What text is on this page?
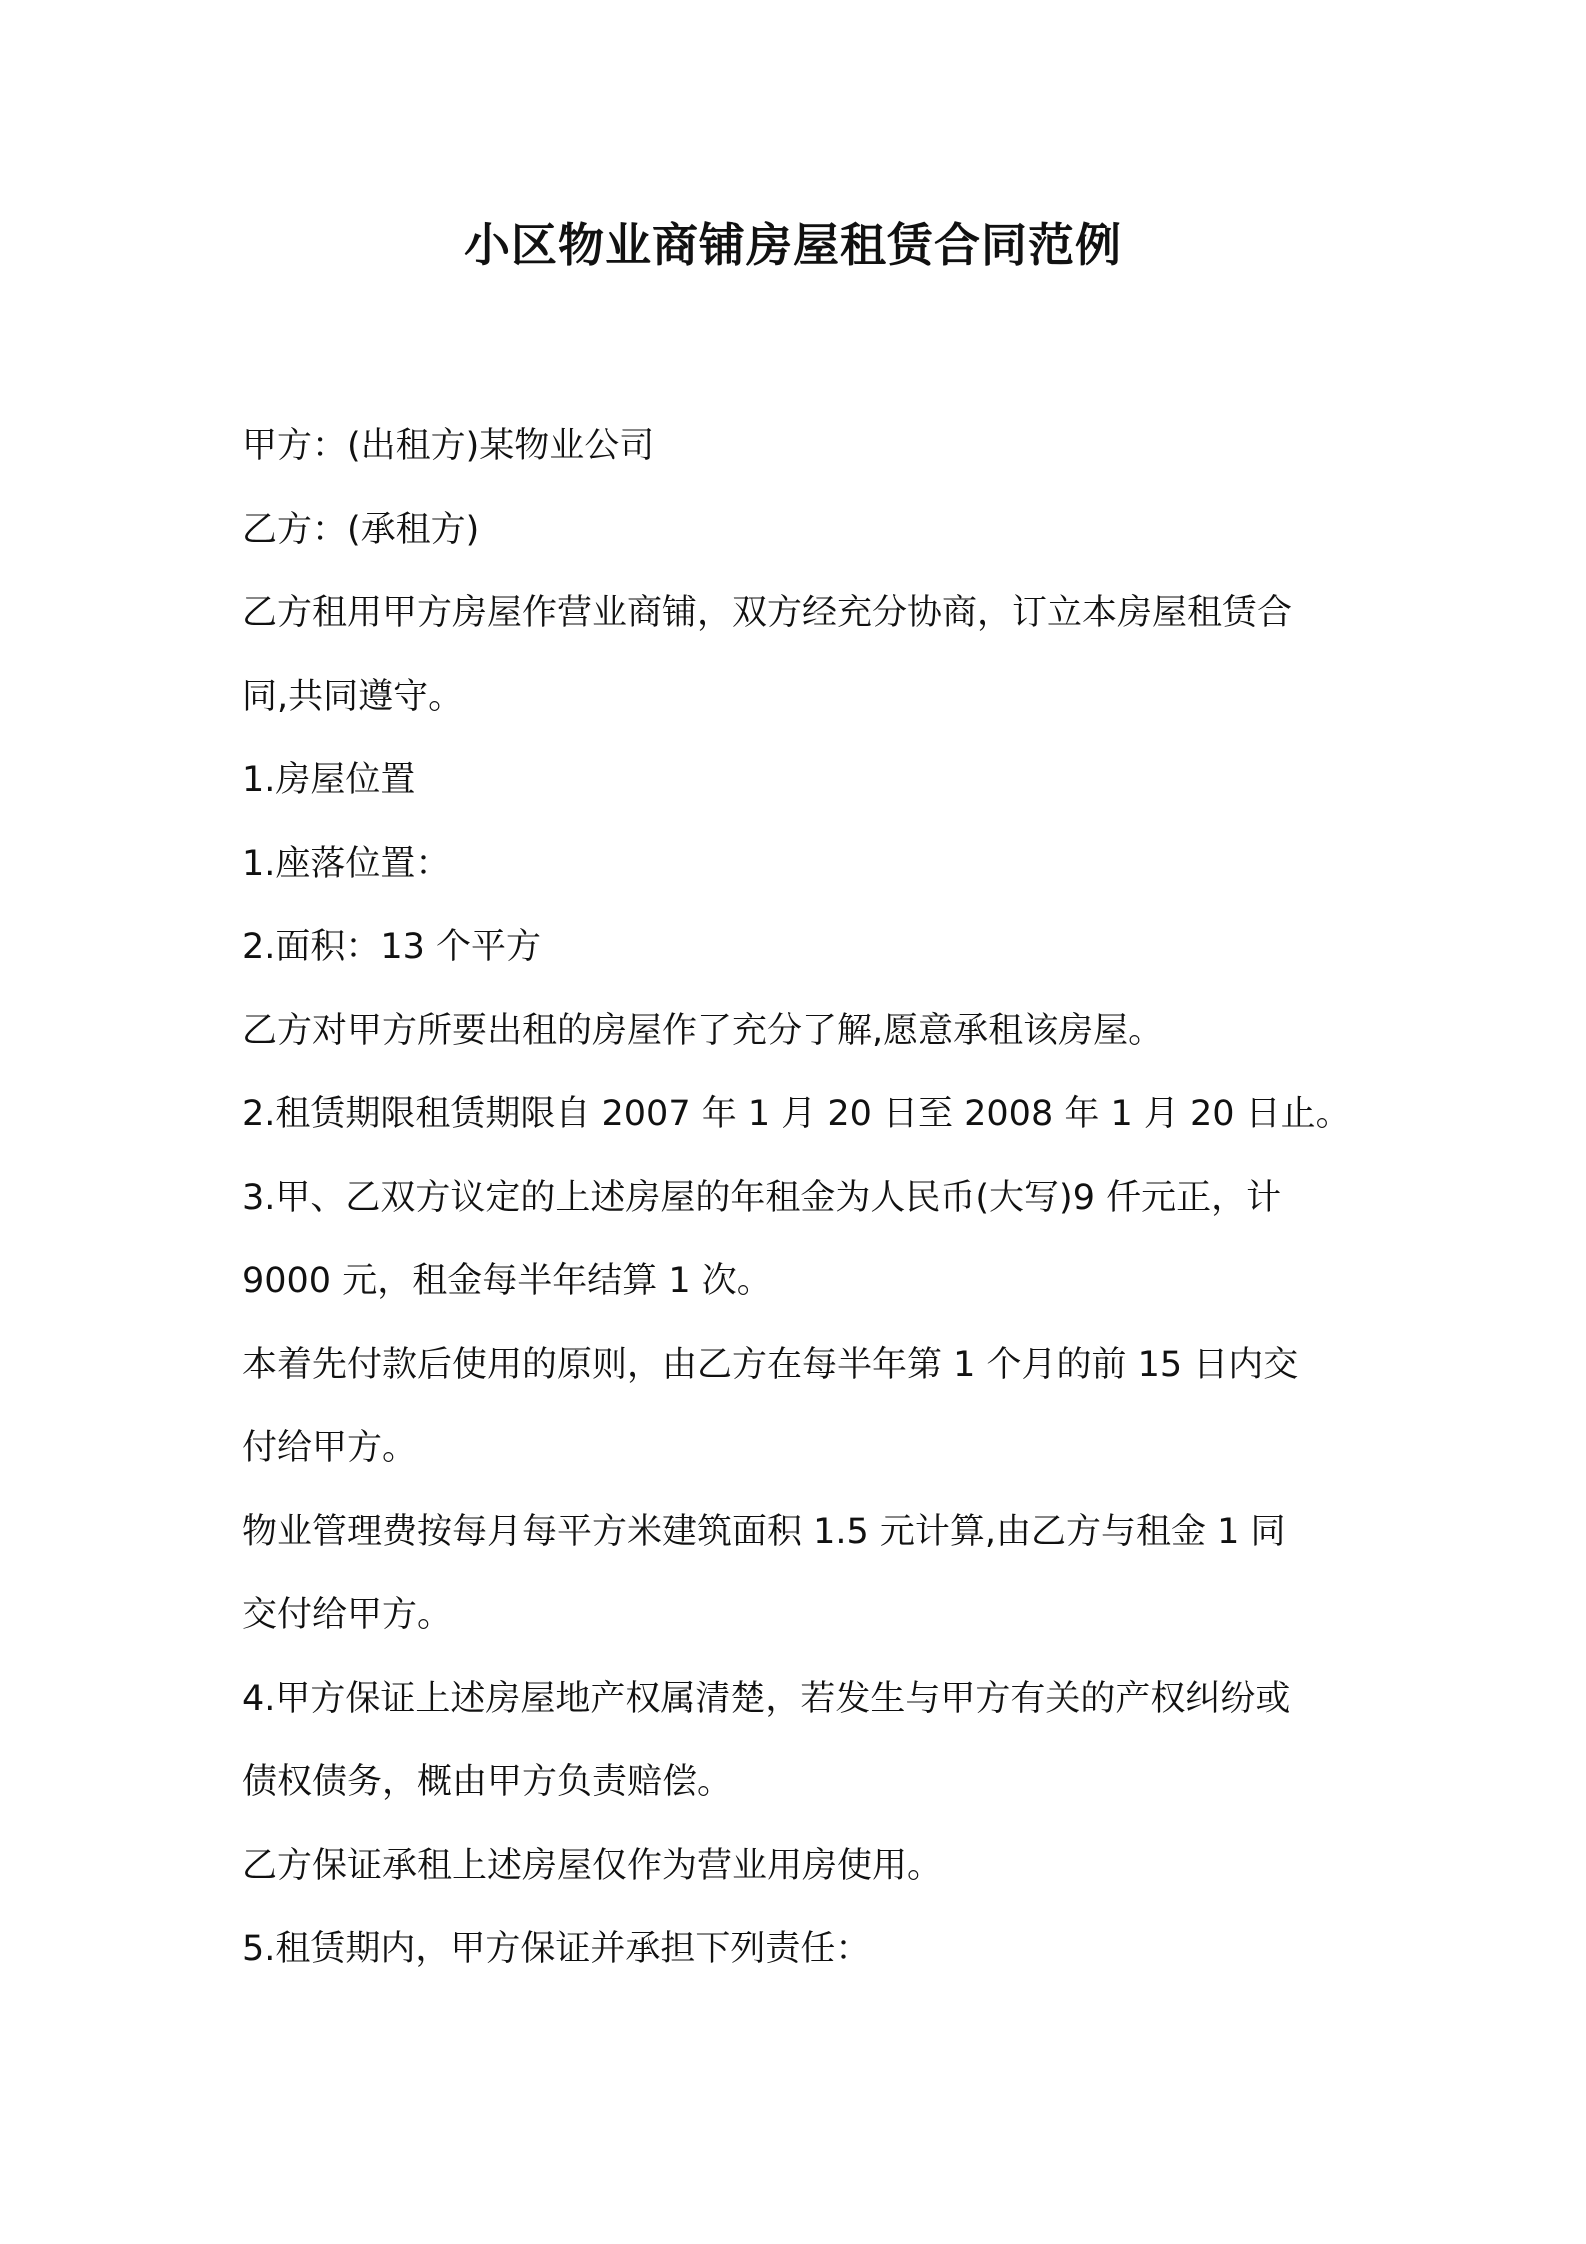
小区物业商铺房屋租赁合同范例

甲方：(出租方)某物业公司

乙方：(承租方)

乙方租用甲方房屋作营业商铺，双方经充分协商，订立本房屋租赁合

同,共同遵守。

1.房屋位置

1.座落位置：

2.面积：13 个平方

乙方对甲方所要出租的房屋作了充分了解,愿意承租该房屋。

2.租赁期限租赁期限自 2007 年 1 月 20 日至 2008 年 1 月 20 日止。

3.甲、乙双方议定的上述房屋的年租金为人民币(大写)9 仟元正，计

9000 元，租金每半年结算 1 次。

本着先付款后使用的原则，由乙方在每半年第 1 个月的前 15 日内交

付给甲方。

物业管理费按每月每平方米建筑面积 1.5 元计算,由乙方与租金 1 同

交付给甲方。

4.甲方保证上述房屋地产权属清楚，若发生与甲方有关的产权纠纷或

债权债务，概由甲方负责赔偿。

乙方保证承租上述房屋仅作为营业用房使用。

5.租赁期内，甲方保证并承担下列责任：
